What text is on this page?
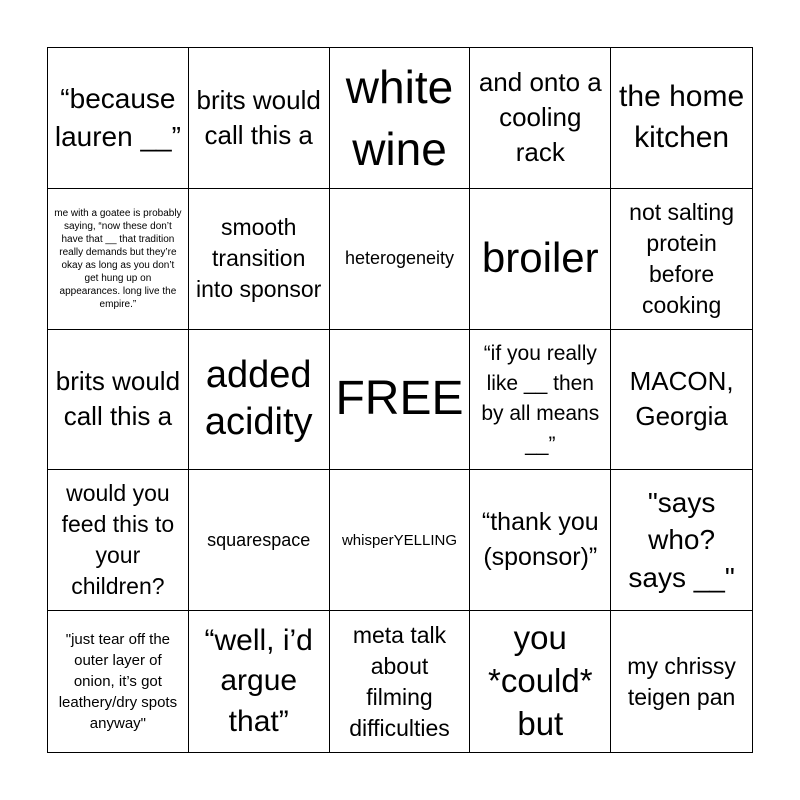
“because lauren __”
brits would call this a
white wine
and onto a cooling rack
the home kitchen
me with a goatee is probably saying, “now these don’t have that __ that tradition really demands but they’re okay as long as you don’t get hung up on appearances. long live the empire.”
smooth transition into sponsor
heterogeneity broiler
not salting protein before cooking
brits would call this a
added acidity FREE
“if you really like __ then by all means __”
MACON, Georgia
would you feed this to your children?
squarespace	whisperYELLING
“thank you (sponsor)”
"says who? says __"
"just tear off the outer layer of onion, it’s got leathery/dry spots anyway"
“well, i’d argue that”
meta talk about filming difficulties
you *could* but
my chrissy teigen pan
